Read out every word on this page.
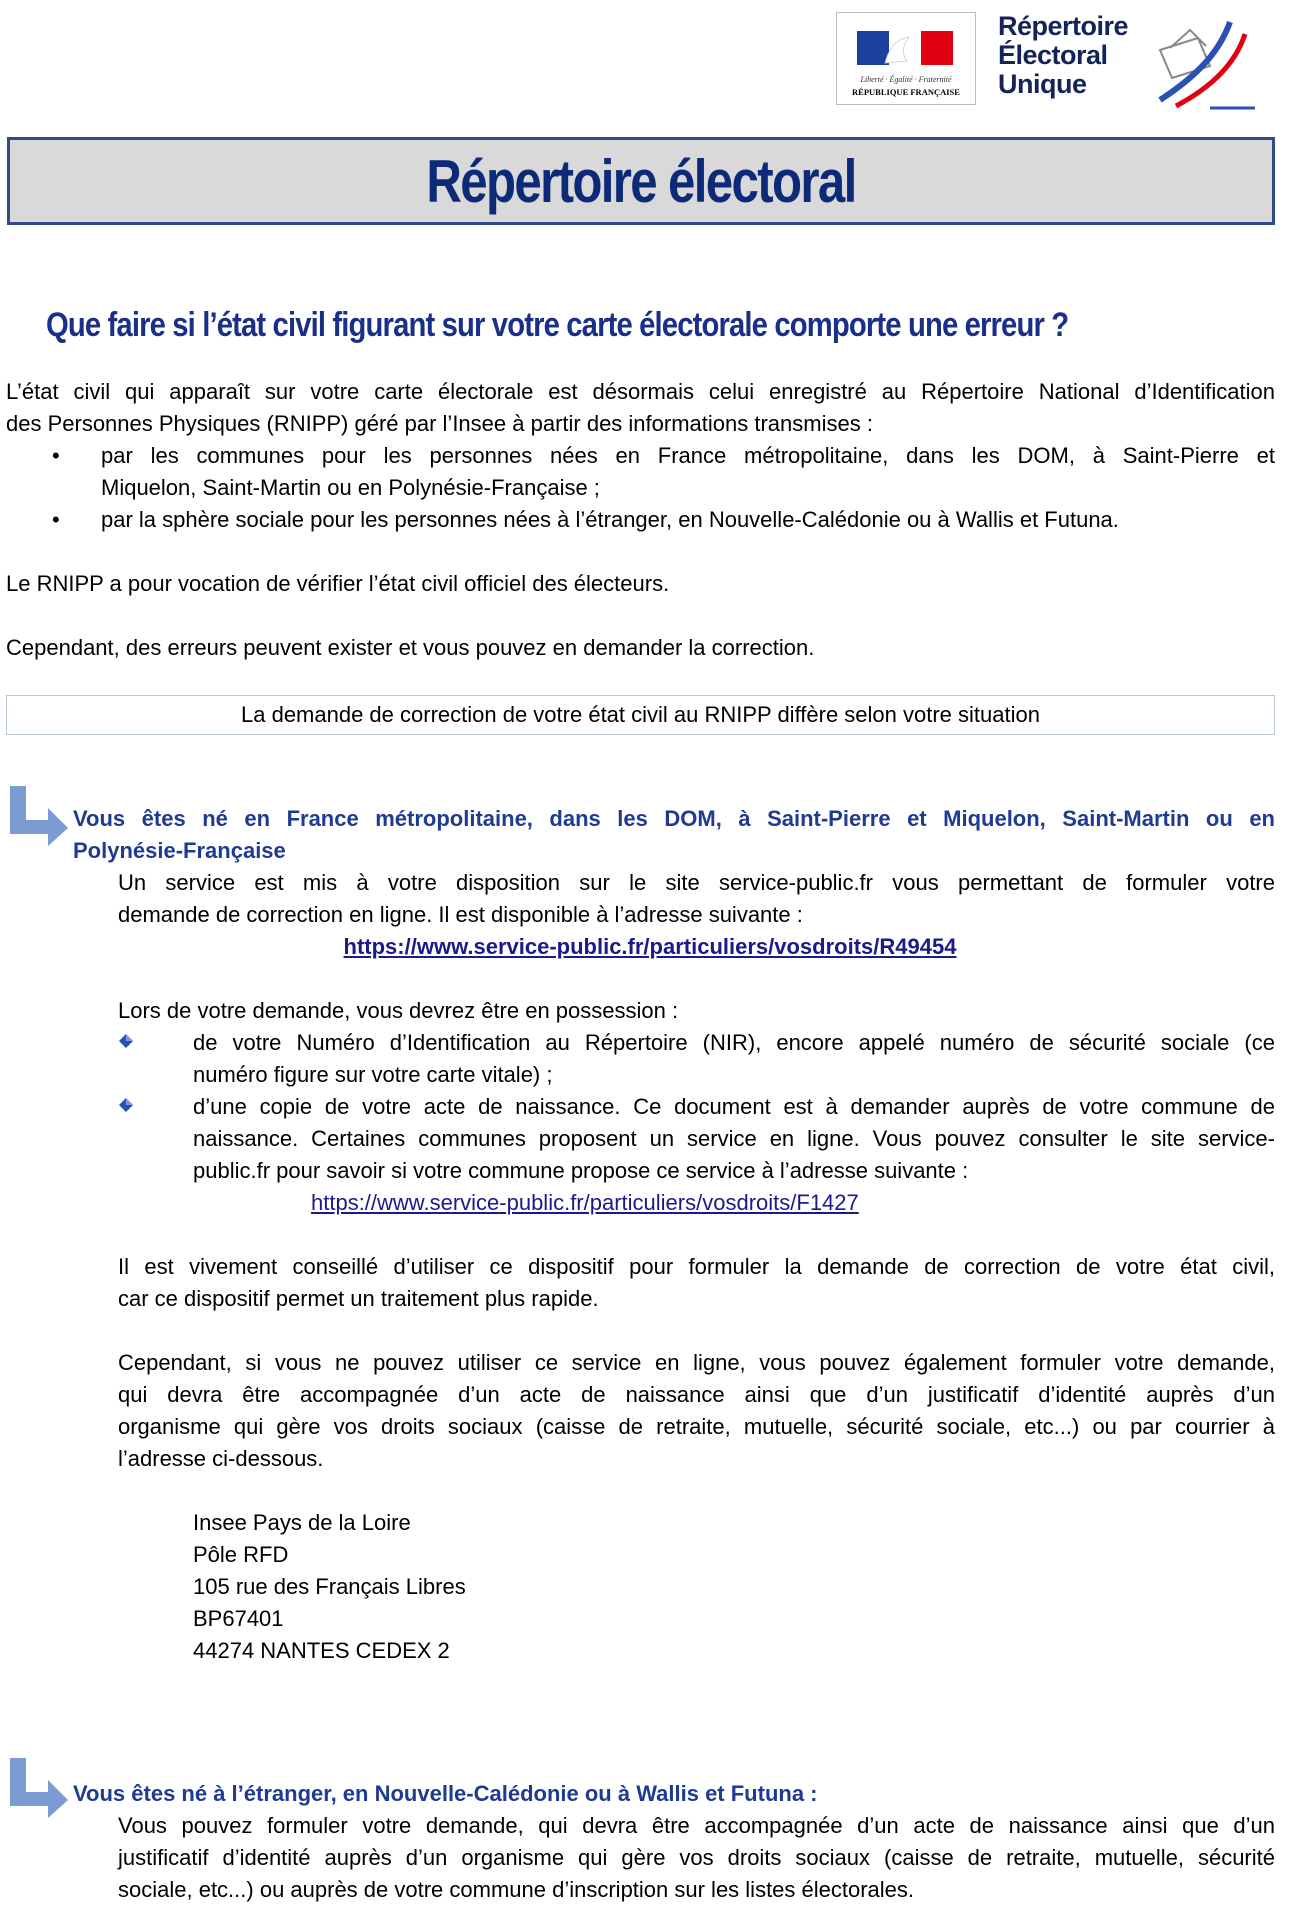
Liberté · Égalité · Fraternité
RÉPUBLIQUE FRANÇAISE
Répertoire
Électoral
Unique
Répertoire électoral
Que faire si l’état civil figurant sur votre carte électorale comporte une erreur ?
L’état civil qui apparaît sur votre carte électorale est désormais celui enregistré au Répertoire National d’Identification
des Personnes Physiques (RNIPP) géré par l’Insee à partir des informations transmises :
• par les communes pour les personnes nées en France métropolitaine, dans les DOM, à Saint-Pierre et
Miquelon, Saint-Martin ou en Polynésie-Française ;
• par la sphère sociale pour les personnes nées à l’étranger, en Nouvelle-Calédonie ou à Wallis et Futuna.
Le RNIPP a pour vocation de vérifier l’état civil officiel des électeurs.
Cependant, des erreurs peuvent exister et vous pouvez en demander la correction.
La demande de correction de votre état civil au RNIPP diffère selon votre situation
Vous êtes né en France métropolitaine, dans les DOM, à Saint-Pierre et Miquelon, Saint-Martin ou en
Polynésie-Française
Un service est mis à votre disposition sur le site service-public.fr vous permettant de formuler votre
demande de correction en ligne. Il est disponible à l’adresse suivante :
https://www.service-public.fr/particuliers/vosdroits/R49454
Lors de votre demande, vous devrez être en possession :
de votre Numéro d’Identification au Répertoire (NIR), encore appelé numéro de sécurité sociale (ce
numéro figure sur votre carte vitale) ;
d’une copie de votre acte de naissance. Ce document est à demander auprès de votre commune de
naissance. Certaines communes proposent un service en ligne. Vous pouvez consulter le site service-
public.fr pour savoir si votre commune propose ce service à l’adresse suivante :
https://www.service-public.fr/particuliers/vosdroits/F1427
Il est vivement conseillé d’utiliser ce dispositif pour formuler la demande de correction de votre état civil,
car ce dispositif permet un traitement plus rapide.
Cependant, si vous ne pouvez utiliser ce service en ligne, vous pouvez également formuler votre demande,
qui devra être accompagnée d’un acte de naissance ainsi que d’un justificatif d’identité auprès d’un
organisme qui gère vos droits sociaux (caisse de retraite, mutuelle, sécurité sociale, etc...) ou par courrier à
l’adresse ci-dessous.
Insee Pays de la Loire
Pôle RFD
105 rue des Français Libres
BP67401
44274 NANTES CEDEX 2
Vous êtes né à l’étranger, en Nouvelle-Calédonie ou à Wallis et Futuna :
Vous pouvez formuler votre demande, qui devra être accompagnée d’un acte de naissance ainsi que d’un
justificatif d’identité auprès d’un organisme qui gère vos droits sociaux (caisse de retraite, mutuelle, sécurité
sociale, etc...) ou auprès de votre commune d’inscription sur les listes électorales.
